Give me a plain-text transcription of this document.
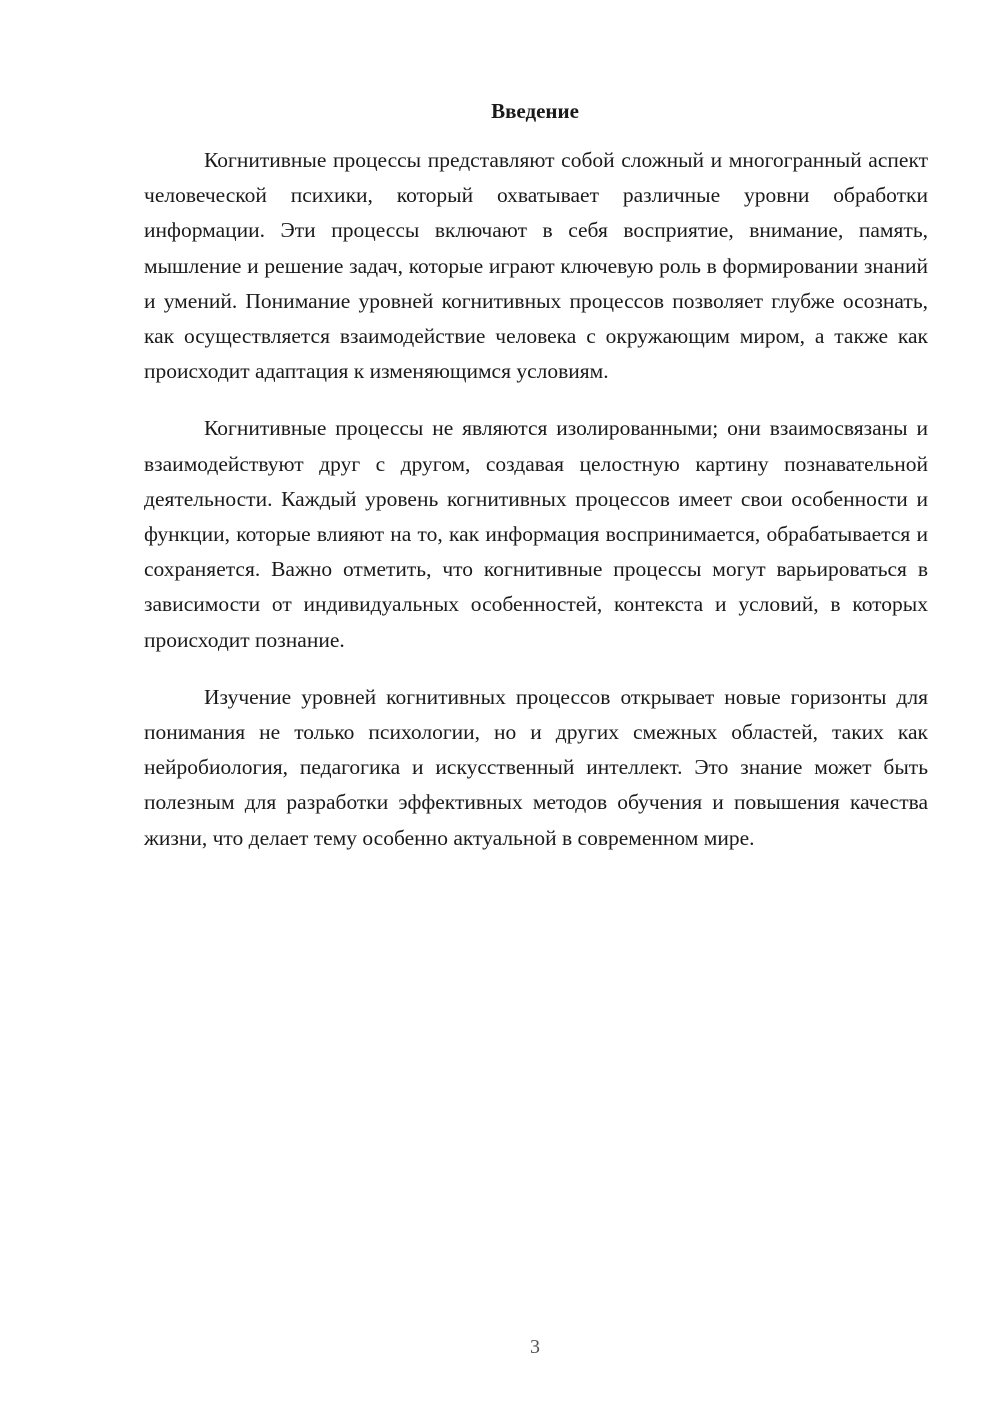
Введение

Когнитивные процессы представляют собой сложный и многогранный аспект человеческой психики, который охватывает различные уровни обработки информации. Эти процессы включают в себя восприятие, внимание, память, мышление и решение задач, которые играют ключевую роль в формировании знаний и умений. Понимание уровней когнитивных процессов позволяет глубже осознать, как осуществляется взаимодействие человека с окружающим миром, а также как происходит адаптация к изменяющимся условиям.

Когнитивные процессы не являются изолированными; они взаимосвязаны и взаимодействуют друг с другом, создавая целостную картину познавательной деятельности. Каждый уровень когнитивных процессов имеет свои особенности и функции, которые влияют на то, как информация воспринимается, обрабатывается и сохраняется. Важно отметить, что когнитивные процессы могут варьироваться в зависимости от индивидуальных особенностей, контекста и условий, в которых происходит познание.

Изучение уровней когнитивных процессов открывает новые горизонты для понимания не только психологии, но и других смежных областей, таких как нейробиология, педагогика и искусственный интеллект. Это знание может быть полезным для разработки эффективных методов обучения и повышения качества жизни, что делает тему особенно актуальной в современном мире.

3
